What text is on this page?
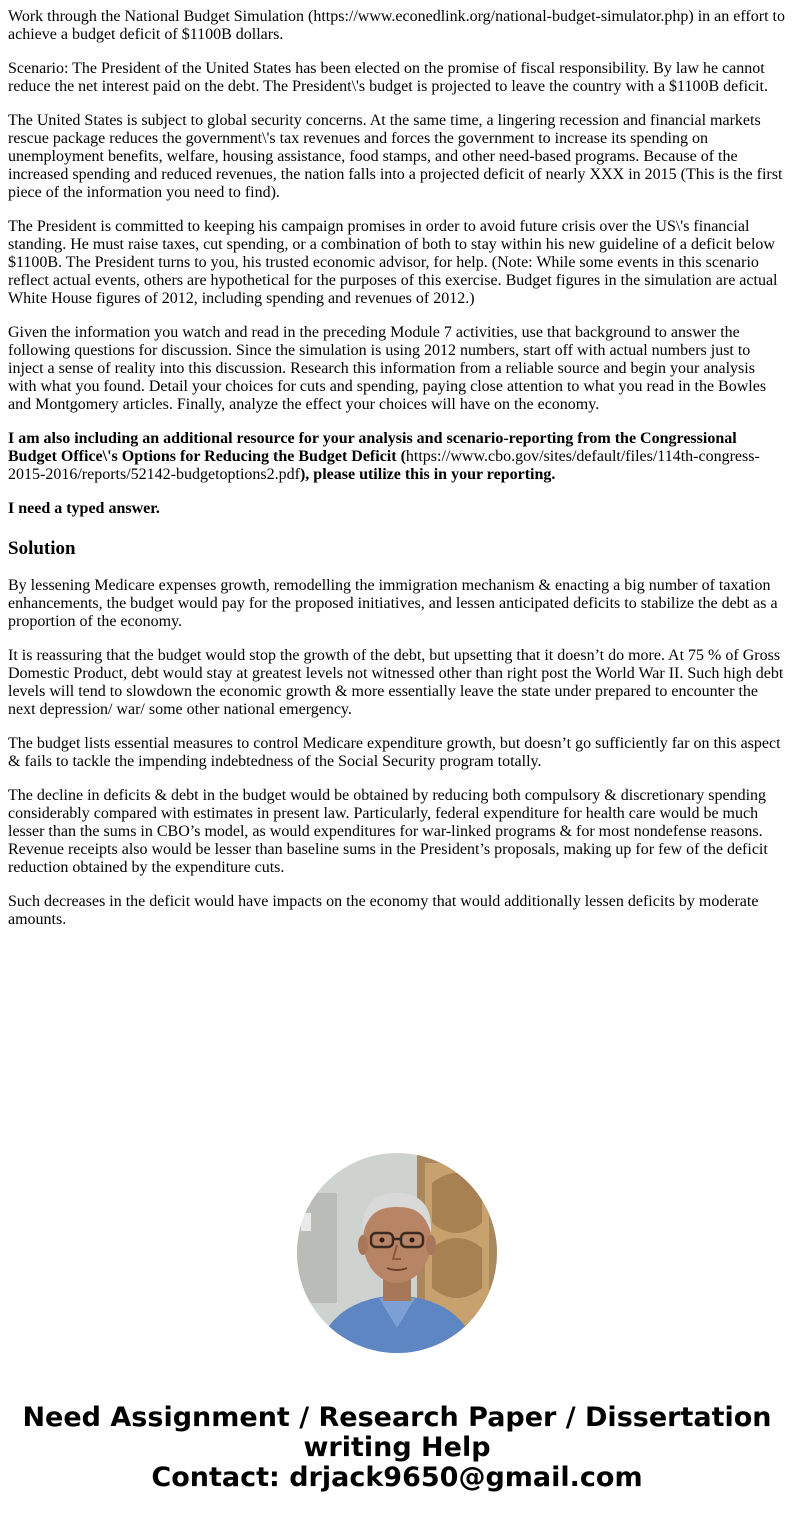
Work through the National Budget Simulation (https://www.econedlink.org/national-budget-simulator.php) in an effort to achieve a budget deficit of $1100B dollars.

Scenario: The President of the United States has been elected on the promise of fiscal responsibility. By law he cannot reduce the net interest paid on the debt. The President\'s budget is projected to leave the country with a $1100B deficit.

The United States is subject to global security concerns. At the same time, a lingering recession and financial markets rescue package reduces the government\'s tax revenues and forces the government to increase its spending on unemployment benefits, welfare, housing assistance, food stamps, and other need-based programs. Because of the increased spending and reduced revenues, the nation falls into a projected deficit of nearly XXX in 2015 (This is the first piece of the information you need to find).

The President is committed to keeping his campaign promises in order to avoid future crisis over the US\'s financial standing. He must raise taxes, cut spending, or a combination of both to stay within his new guideline of a deficit below $1100B. The President turns to you, his trusted economic advisor, for help. (Note: While some events in this scenario reflect actual events, others are hypothetical for the purposes of this exercise. Budget figures in the simulation are actual White House figures of 2012, including spending and revenues of 2012.)

Given the information you watch and read in the preceding Module 7 activities, use that background to answer the following questions for discussion. Since the simulation is using 2012 numbers, start off with actual numbers just to inject a sense of reality into this discussion. Research this information from a reliable source and begin your analysis with what you found. Detail your choices for cuts and spending, paying close attention to what you read in the Bowles and Montgomery articles. Finally, analyze the effect your choices will have on the economy.

I am also including an additional resource for your analysis and scenario-reporting from the Congressional Budget Office\'s Options for Reducing the Budget Deficit (https://www.cbo.gov/sites/default/files/114th-congress-2015-2016/reports/52142-budgetoptions2.pdf), please utilize this in your reporting.

I need a typed answer.

Solution

By lessening Medicare expenses growth, remodelling the immigration mechanism & enacting a big number of taxation enhancements, the budget would pay for the proposed initiatives, and lessen anticipated deficits to stabilize the debt as a proportion of the economy.

It is reassuring that the budget would stop the growth of the debt, but upsetting that it doesn’t do more. At 75 % of Gross Domestic Product, debt would stay at greatest levels not witnessed other than right post the World War II. Such high debt levels will tend to slowdown the economic growth & more essentially leave the state under prepared to encounter the next depression/ war/ some other national emergency.

The budget lists essential measures to control Medicare expenditure growth, but doesn’t go sufficiently far on this aspect & fails to tackle the impending indebtedness of the Social Security program totally.

The decline in deficits & debt in the budget would be obtained by reducing both compulsory & discretionary spending considerably compared with estimates in present law. Particularly, federal expenditure for health care would be much lesser than the sums in CBO’s model, as would expenditures for war-linked programs & for most nondefense reasons. Revenue receipts also would be lesser than baseline sums in the President’s proposals, making up for few of the deficit reduction obtained by the expenditure cuts.

Such decreases in the deficit would have impacts on the economy that would additionally lessen deficits by moderate amounts.

Need Assignment / Research Paper / Dissertation
writing Help
Contact: drjack9650@gmail.com
